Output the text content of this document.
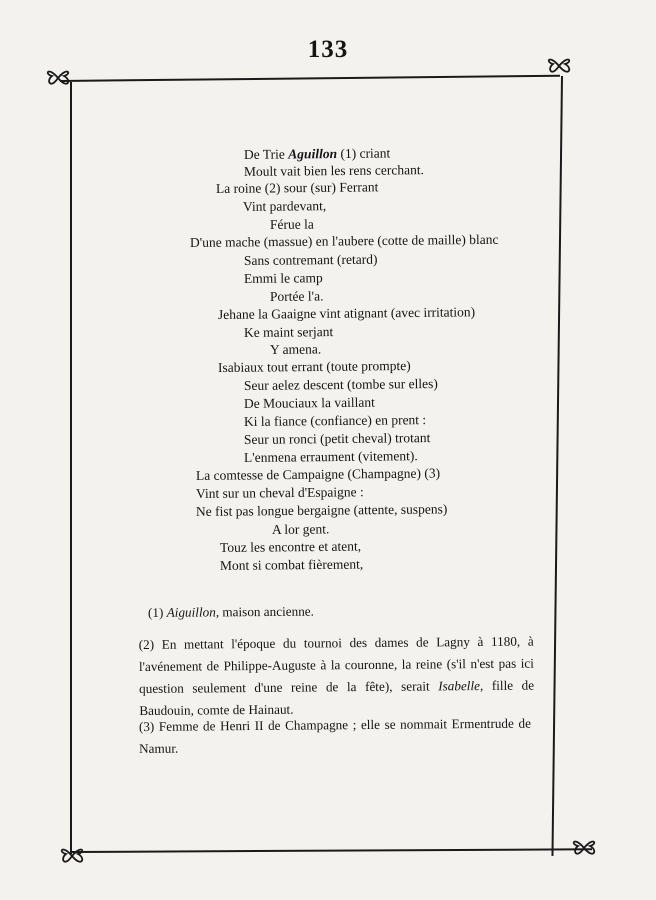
133
De Trie Aguillon (1) criant
Moult vait bien les rens cerchant.
La roine (2) sour (sur) Ferrant
Vint pardevant,
Férue la
D'une mache (massue) en l'aubere (cotte de maille) blanc
Sans contremant (retard)
Emmi le camp
Portée l'a.
Jehane la Gaaigne vint atignant (avec irritation)
Ke maint serjant
Y amena.
Isabiaux tout errant (toute prompte)
Seur aelez descent (tombe sur elles)
De Mouciaux la vaillant
Ki la fiance (confiance) en prent :
Seur un ronci (petit cheval) trotant
L'enmena erraument (vitement).
La comtesse de Campaigne (Champagne) (3)
Vint sur un cheval d'Espaigne :
Ne fist pas longue bergaigne (attente, suspens)
A lor gent.
Touz les encontre et atent,
Mont si combat fièrement,
(1) Aiguillon, maison ancienne.
(2) En mettant l'époque du tournoi des dames de Lagny à 1180, à l'avénement de Philippe-Auguste à la couronne, la reine (s'il n'est pas ici question seulement d'une reine de la fête), serait Isabelle, fille de Baudouin, comte de Hainaut.
(3) Femme de Henri II de Champagne ; elle se nommait Ermentrude de Namur.
